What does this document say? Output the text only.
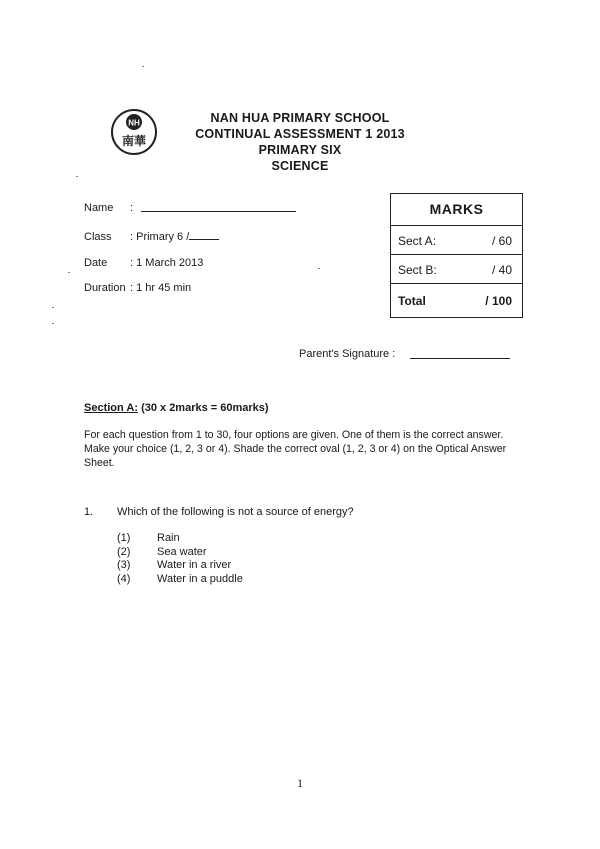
NH
南華
NAN HUA PRIMARY SCHOOL
CONTINUAL ASSESSMENT 1 2013
PRIMARY SIX
SCIENCE
Name :
Class : Primary 6 /
Date : 1 March 2013
Duration : 1 hr 45 min
MARKS
Sect A:	/ 60
Sect B:	/ 40
Total	/ 100
Parent's Signature :
Section A: (30 x 2marks = 60marks)
For each question from 1 to 30, four options are given. One of them is the correct answer. Make your choice (1, 2, 3 or 4). Shade the correct oval (1, 2, 3 or 4) on the Optical Answer Sheet.
1. Which of the following is not a source of energy?
(1) Rain
(2) Sea water
(3) Water in a river
(4) Water in a puddle
1
